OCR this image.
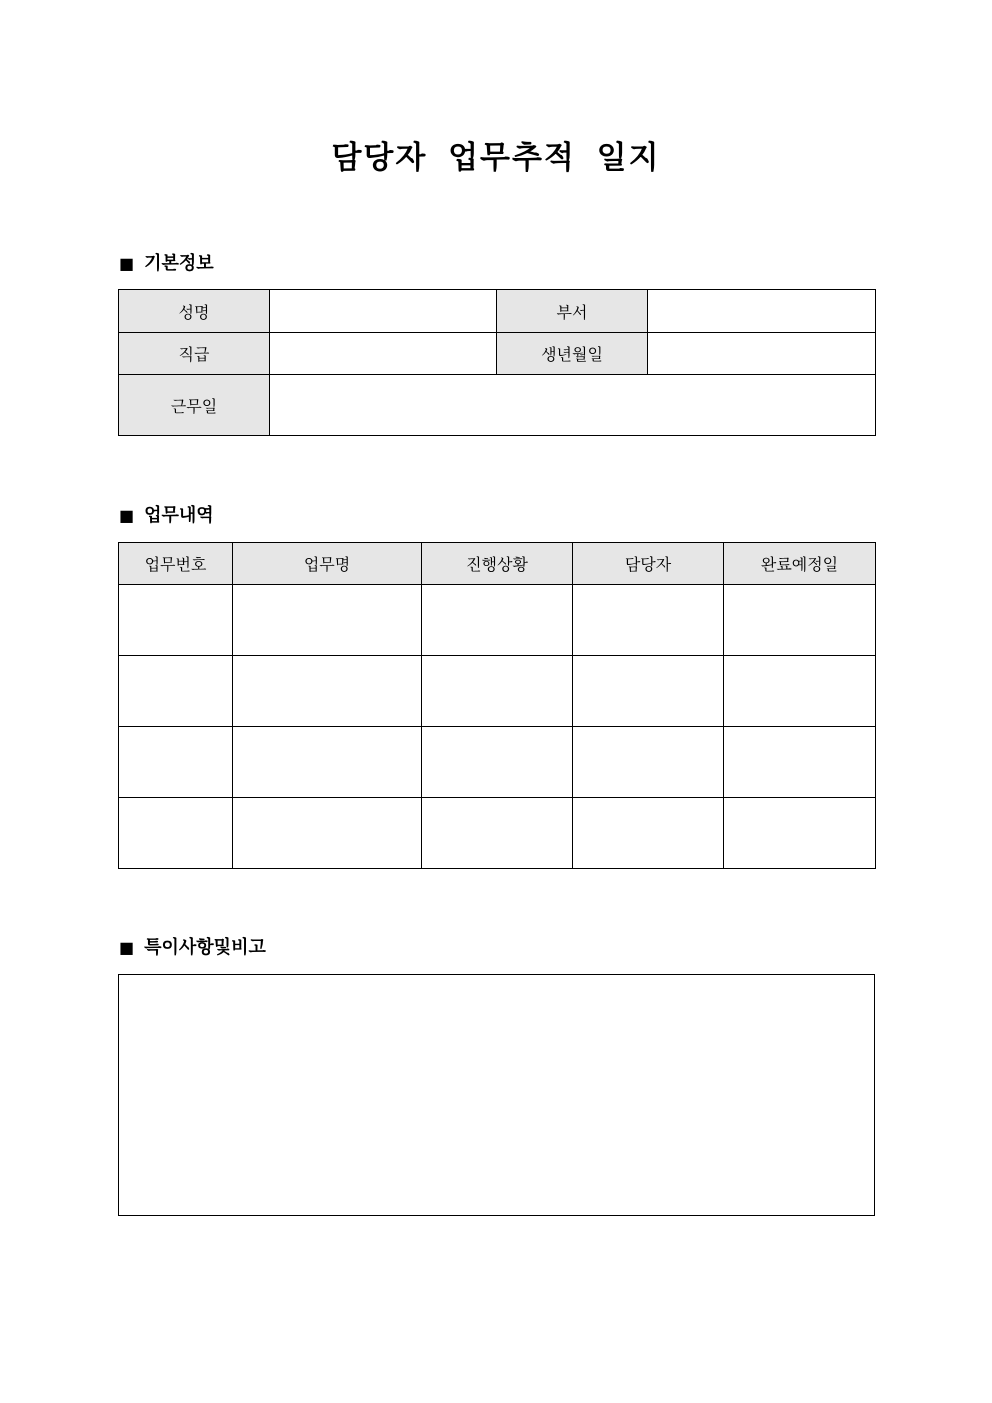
담당자 업무추적 일지
■ 기본정보
성명		부서	
직급		생년월일	
근무일			
■ 업무내역
업무번호	업무명	진행상황	담당자	완료예정일

■ 특이사항및비고
